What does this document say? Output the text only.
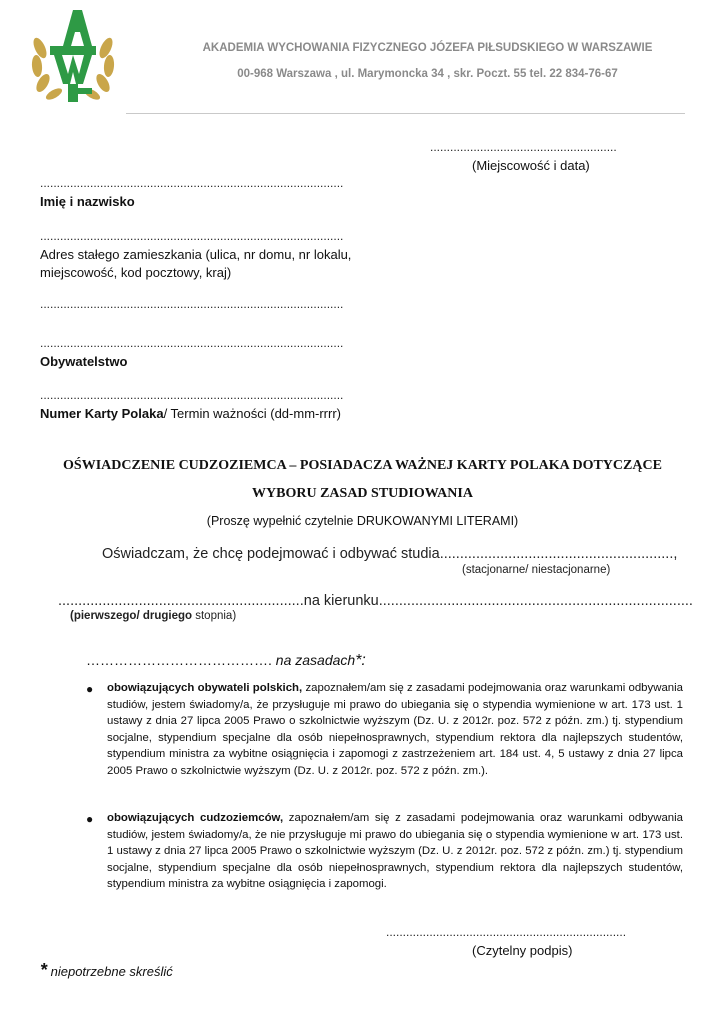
AKADEMIA WYCHOWANIA FIZYCZNEGO JÓZEFA PIŁSUDSKIEGO W WARSZAWIE
00-968 Warszawa , ul. Marymoncka 34 , skr. Poczt. 55 tel. 22 834-76-67
........................................................
(Miejscowość i data)
...........................................................................................
Imię i nazwisko
...........................................................................................
Adres stałego zamieszkania (ulica, nr domu, nr lokalu,
miejscowość, kod pocztowy, kraj)
...........................................................................................
...........................................................................................
Obywatelstwo
...........................................................................................
Numer Karty Polaka/ Termin ważności (dd-mm-rrrr)
OŚWIADCZENIE CUDZOZIEMCA – POSIADACZA WAŻNEJ KARTY POLAKA DOTYCZĄCE
WYBORU ZASAD STUDIOWANIA
(Proszę wypełnić czytelnie DRUKOWANYMI LITERAMI)
Oświadczam, że chcę podejmować i odbywać studia..........................................................,
(stacjonarne/ niestacjonarne)
.............................................................na kierunku..............................................................................
(pierwszego/ drugiego stopnia)
…………………………………. na zasadach*:
● obowiązujących obywateli polskich, zapoznałem/am się z zasadami podejmowania oraz warunkami odbywania studiów, jestem świadomy/a, że przysługuje mi prawo do ubiegania się o stypendia wymienione w art. 173 ust. 1 ustawy z dnia 27 lipca 2005 Prawo o szkolnictwie wyższym (Dz. U. z 2012r. poz. 572 z późn. zm.) tj. stypendium socjalne, stypendium specjalne dla osób niepełnosprawnych, stypendium rektora dla najlepszych studentów, stypendium ministra za wybitne osiągnięcia i zapomogi z zastrzeżeniem art. 184 ust. 4, 5 ustawy z dnia 27 lipca 2005 Prawo o szkolnictwie wyższym (Dz. U. z 2012r. poz. 572 z późn. zm.).
● obowiązujących cudzoziemców, zapoznałem/am się z zasadami podejmowania oraz warunkami odbywania studiów, jestem świadomy/a, że nie przysługuje mi prawo do ubiegania się o stypendia wymienione w art. 173 ust. 1 ustawy z dnia 27 lipca 2005 Prawo o szkolnictwie wyższym (Dz. U. z 2012r. poz. 572 z późn. zm.) tj. stypendium socjalne, stypendium specjalne dla osób niepełnosprawnych, stypendium rektora dla najlepszych studentów, stypendium ministra za wybitne osiągnięcia i zapomogi.
........................................................................
(Czytelny podpis)
* niepotrzebne skreślić
